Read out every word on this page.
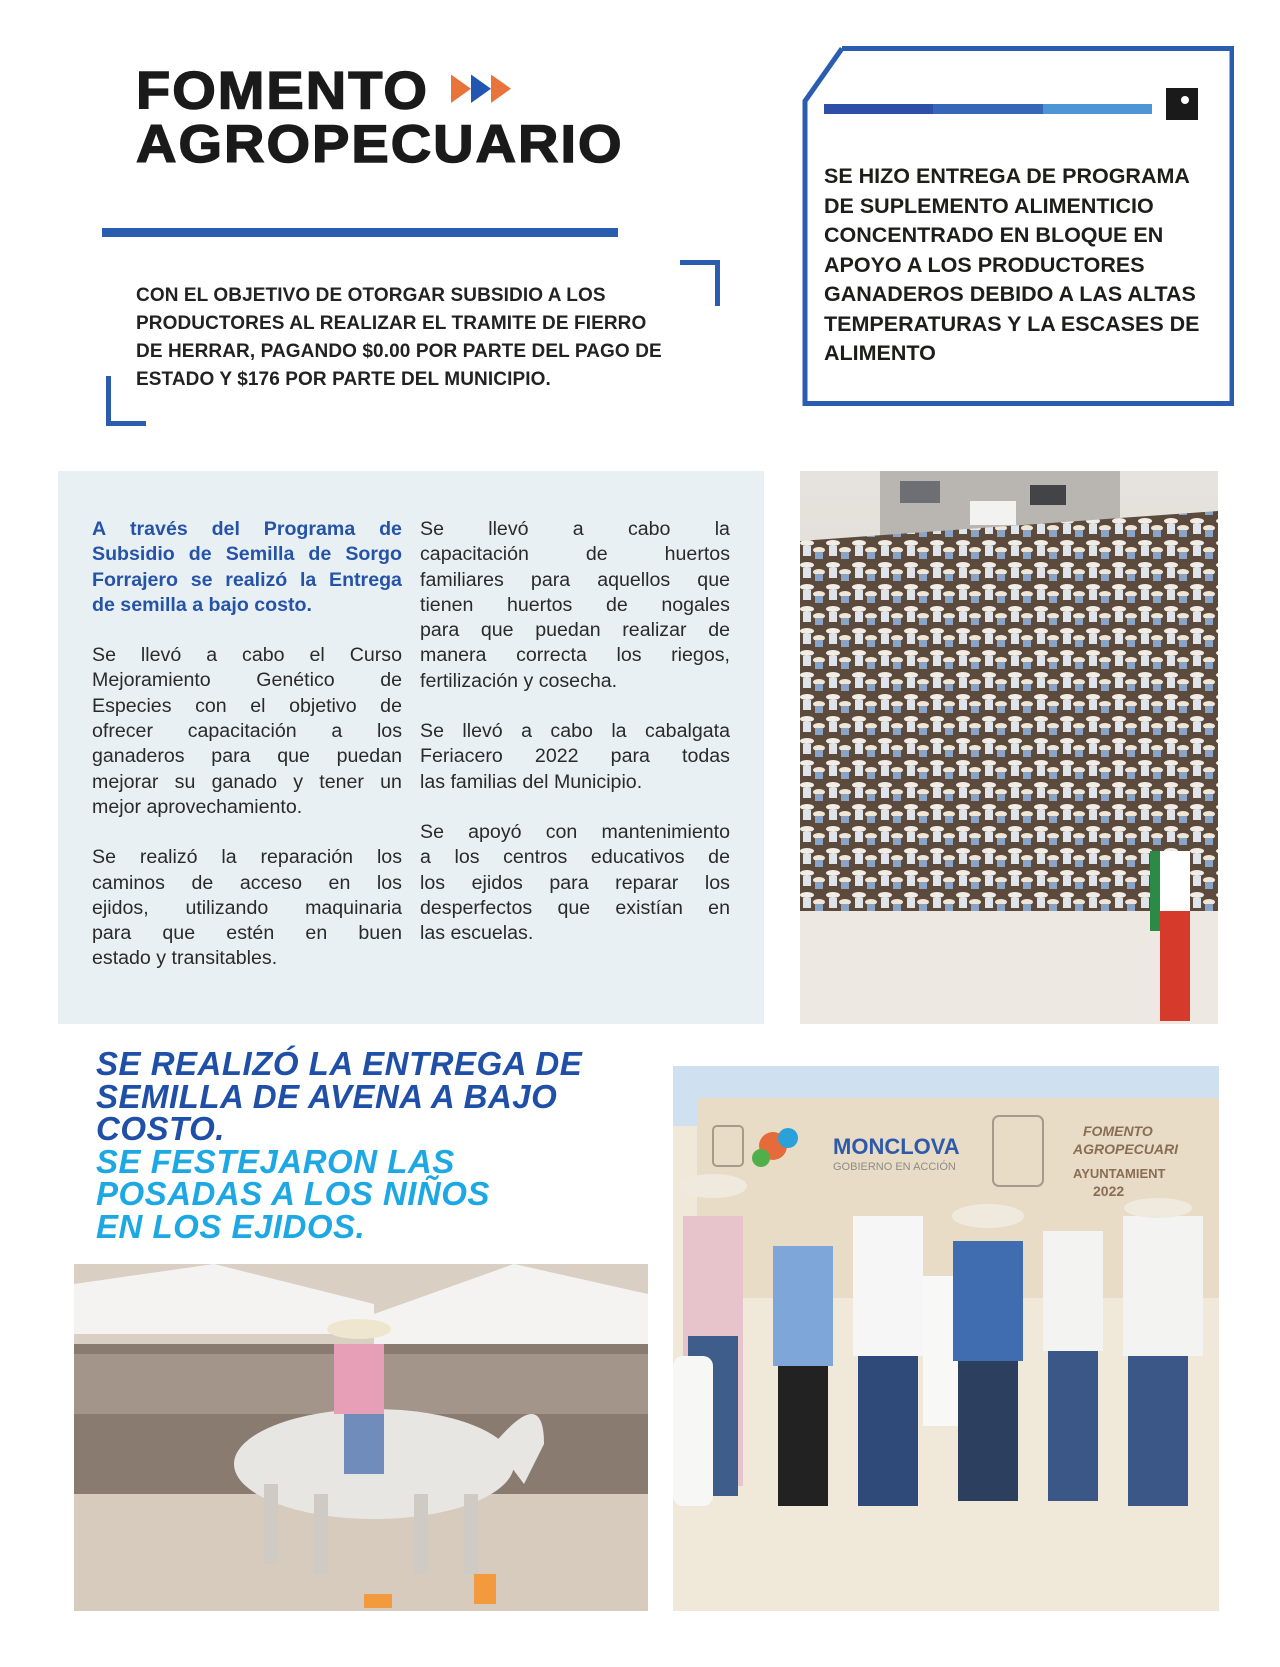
FOMENTO
AGROPECUARIO
CON EL OBJETIVO DE OTORGAR SUBSIDIO A LOS
PRODUCTORES AL REALIZAR EL TRAMITE DE FIERRO
DE HERRAR, PAGANDO $0.00 POR PARTE DEL PAGO DE
ESTADO Y $176 POR PARTE DEL MUNICIPIO.
SE HIZO ENTREGA DE PROGRAMA
DE SUPLEMENTO ALIMENTICIO
CONCENTRADO EN BLOQUE EN
APOYO A LOS PRODUCTORES
GANADEROS DEBIDO A LAS ALTAS
TEMPERATURAS Y LA ESCASES DE
ALIMENTO

A través del Programa de
Subsidio de Semilla de Sorgo
Forrajero se realizó la Entrega
de semilla a bajo costo.

Se llevó a cabo el Curso
Mejoramiento Genético de
Especies con el objetivo de
ofrecer capacitación a los
ganaderos para que puedan
mejorar su ganado y tener un
mejor aprovechamiento.

Se realizó la reparación los
caminos de acceso en los
ejidos, utilizando maquinaria
para que estén en buen
estado y transitables.

Se llevó a cabo la
capacitación	de	huertos
familiares para aquellos que
tienen huertos de nogales
para que puedan realizar de
manera correcta los riegos,
fertilización y cosecha.

Se llevó a cabo la cabalgata
Feriacero 2022 para todas
las familias del Municipio.

Se apoyó con mantenimiento
a los centros educativos de
los ejidos para reparar los
desperfectos que existían en
las escuelas.

SE REALIZÓ LA ENTREGA DE
SEMILLA DE AVENA A BAJO
COSTO.
SE FESTEJARON LAS
POSADAS A LOS NIÑOS
EN LOS EJIDOS.
MONCLOVA
GOBIERNO EN ACCIÓN
FOMENTO
AGROPECUARI
AYUNTAMIENT
2022
